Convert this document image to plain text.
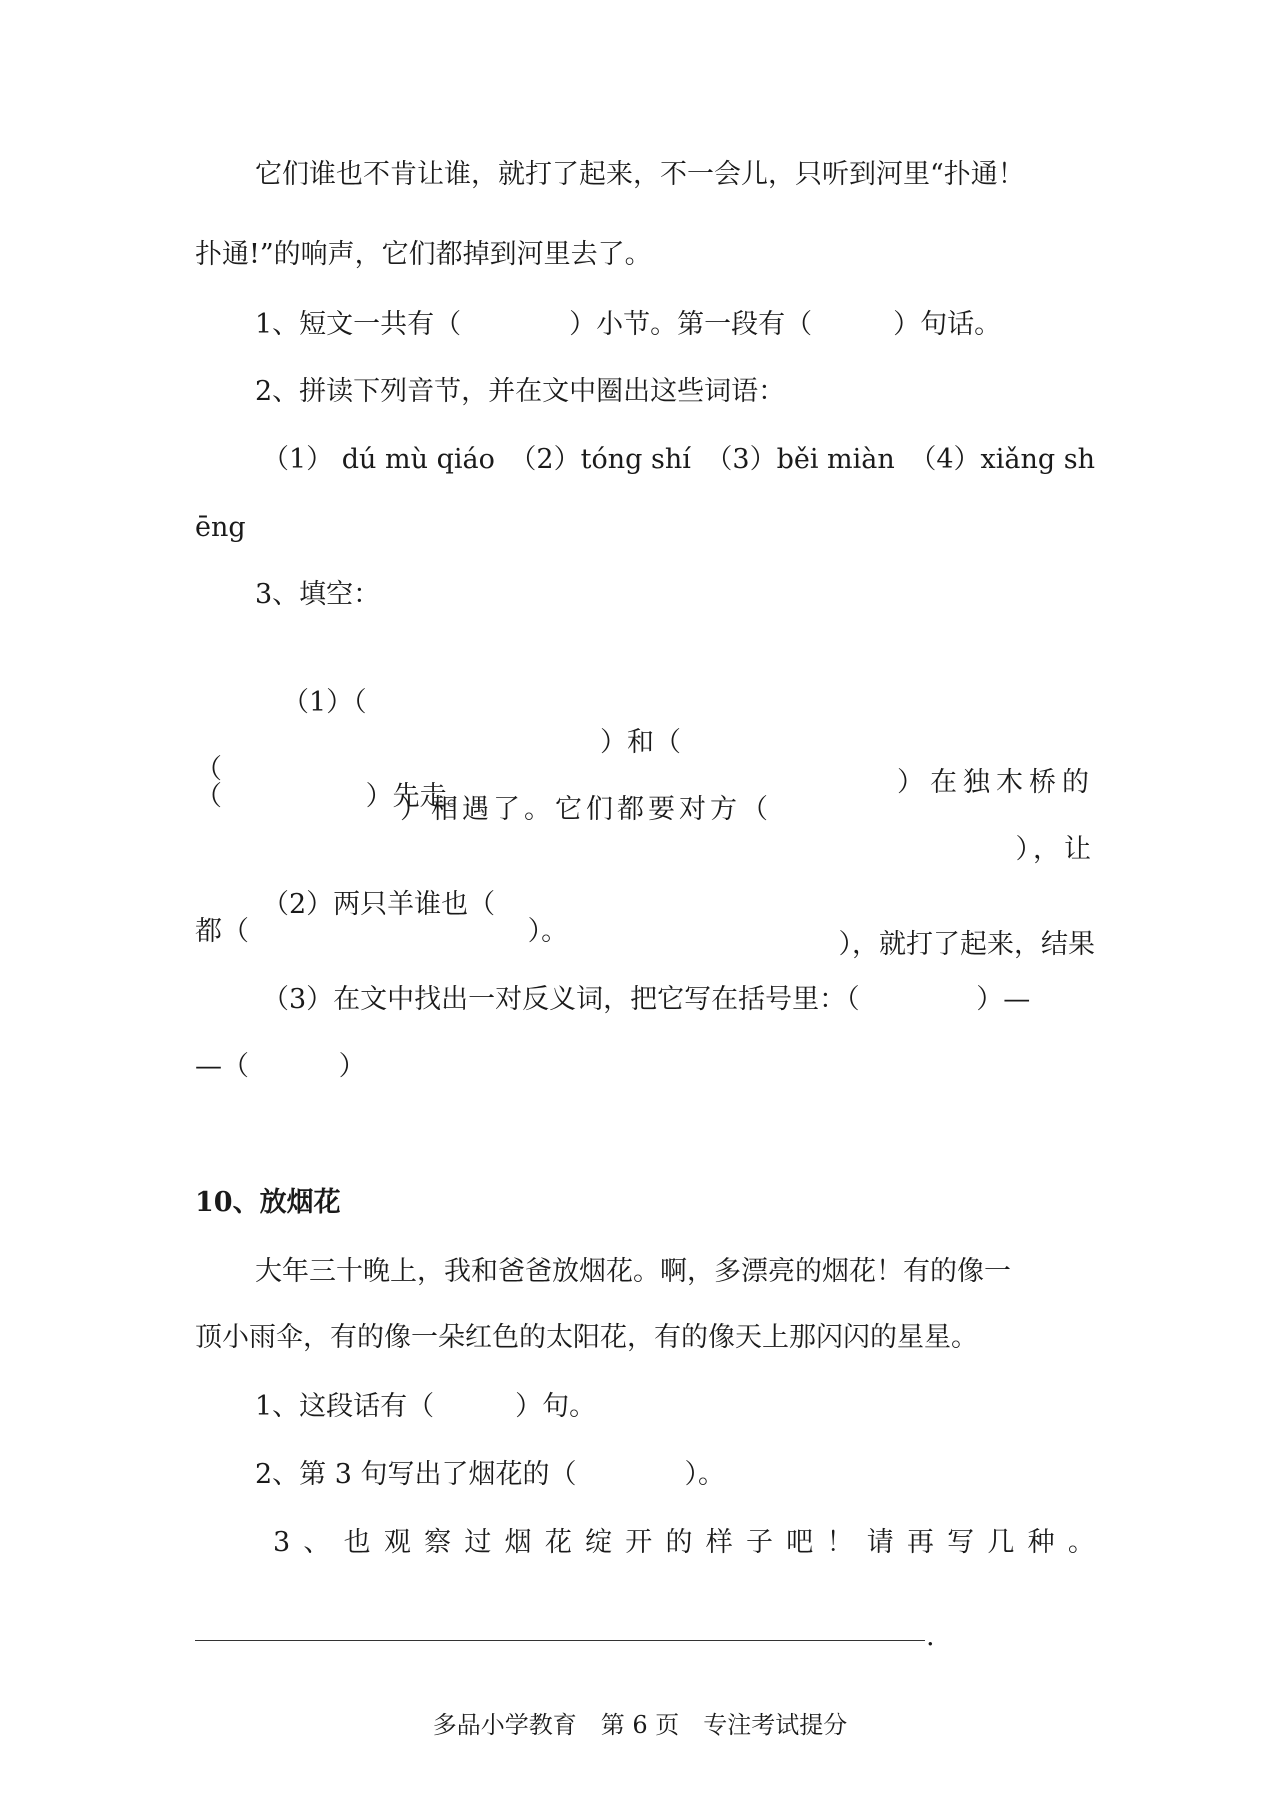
它们谁也不肯让谁，就打了起来，不一会儿，只听到河里“扑通！
扑通!”的响声，它们都掉到河里去了。
1、短文一共有（　　　　）小节。第一段有（　　　）句话。
2、拼读下列音节，并在文中圈出这些词语：
（1） dú mù qiáo （2）tóng shí （3）běi miàn （4）xiǎng sh
ēng
3、填空：

（1）（

）和（

）在独木桥的

（

）相遇了。它们都要对方（

），让

（　　　　　 ）先走。

（2）两只羊谁也（

），就打了起来，结果

都（　　　　　　　　　　 ）。
（3）在文中找出一对反义词，把它写在括号里：（　　　　 ）—
—（　　　 ）
10、放烟花
大年三十晚上，我和爸爸放烟花。啊，多漂亮的烟花！有的像一
顶小雨伞，有的像一朵红色的太阳花，有的像天上那闪闪的星星。
1、这段话有（　　　）句。
2、第 3 句写出了烟花的（　　　　）。
3 、 也 观 察 过 烟 花 绽 开 的 样 子 吧 ！ 请 再 写 几 种 。
.
多品小学教育　第 6 页　专注考试提分
